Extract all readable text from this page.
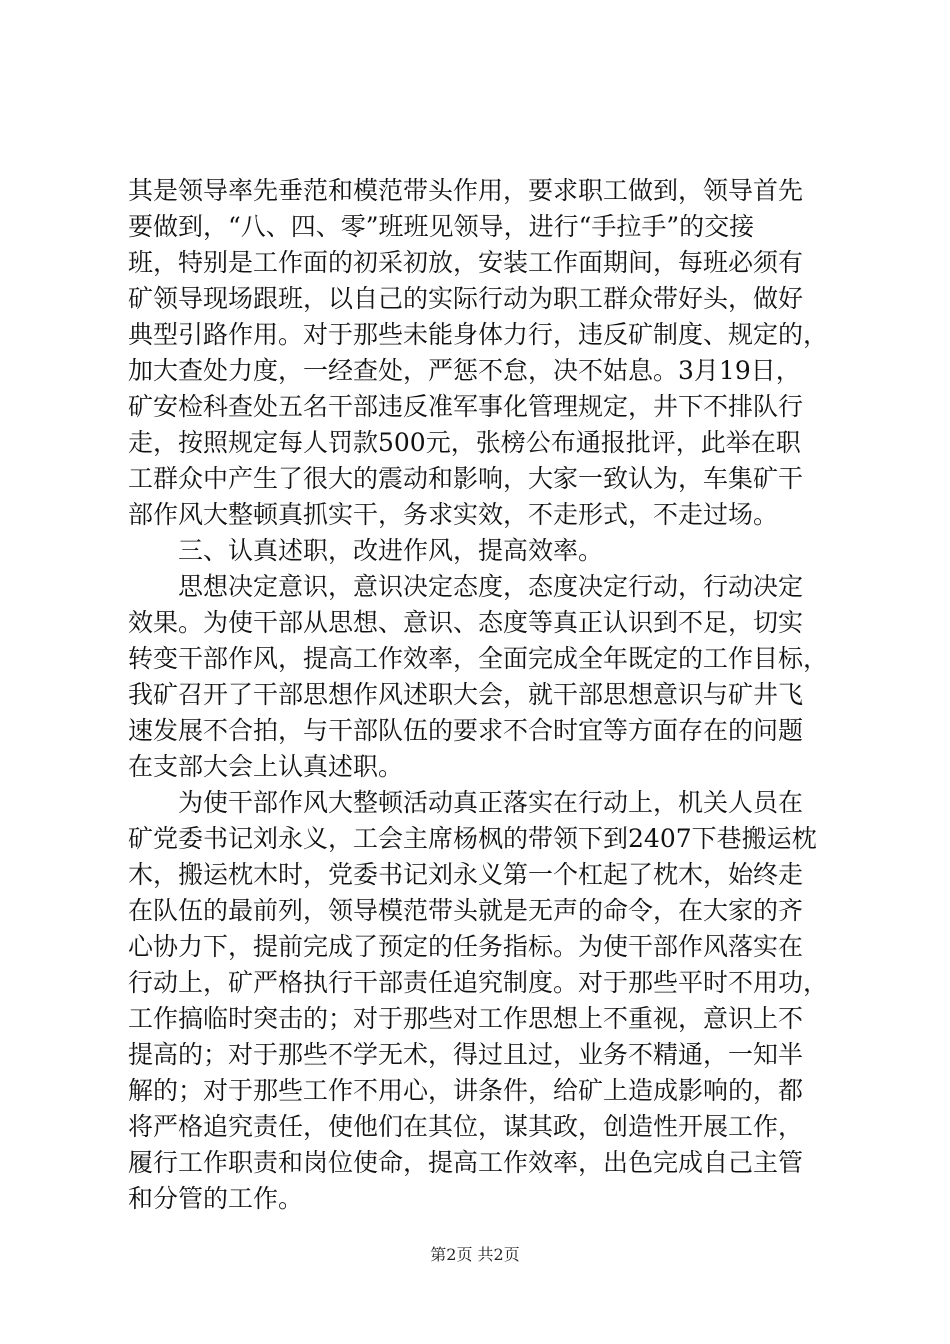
其是领导率先垂范和模范带头作用，要求职工做到，领导首先
要做到，“八、四、零”班班见领导，进行“手拉手”的交接
班，特别是工作面的初采初放，安装工作面期间，每班必须有
矿领导现场跟班，以自己的实际行动为职工群众带好头，做好
典型引路作用。对于那些未能身体力行，违反矿制度、规定的，
加大查处力度，一经查处，严惩不怠，决不姑息。3月19日，
矿安检科查处五名干部违反准军事化管理规定，井下不排队行
走，按照规定每人罚款500元，张榜公布通报批评，此举在职
工群众中产生了很大的震动和影响，大家一致认为，车集矿干
部作风大整顿真抓实干，务求实效，不走形式，不走过场。
　　三、认真述职，改进作风，提高效率。
　　思想决定意识，意识决定态度，态度决定行动，行动决定
效果。为使干部从思想、意识、态度等真正认识到不足，切实
转变干部作风，提高工作效率，全面完成全年既定的工作目标，
我矿召开了干部思想作风述职大会，就干部思想意识与矿井飞
速发展不合拍，与干部队伍的要求不合时宜等方面存在的问题
在支部大会上认真述职。
　　为使干部作风大整顿活动真正落实在行动上，机关人员在
矿党委书记刘永义，工会主席杨枫的带领下到2407下巷搬运枕
木，搬运枕木时，党委书记刘永义第一个杠起了枕木，始终走
在队伍的最前列，领导模范带头就是无声的命令，在大家的齐
心协力下，提前完成了预定的任务指标。为使干部作风落实在
行动上，矿严格执行干部责任追究制度。对于那些平时不用功，
工作搞临时突击的；对于那些对工作思想上不重视，意识上不
提高的；对于那些不学无术，得过且过，业务不精通，一知半
解的；对于那些工作不用心，讲条件，给矿上造成影响的，都
将严格追究责任，使他们在其位，谋其政，创造性开展工作，
履行工作职责和岗位使命，提高工作效率，出色完成自己主管
和分管的工作。
第2页 共2页
